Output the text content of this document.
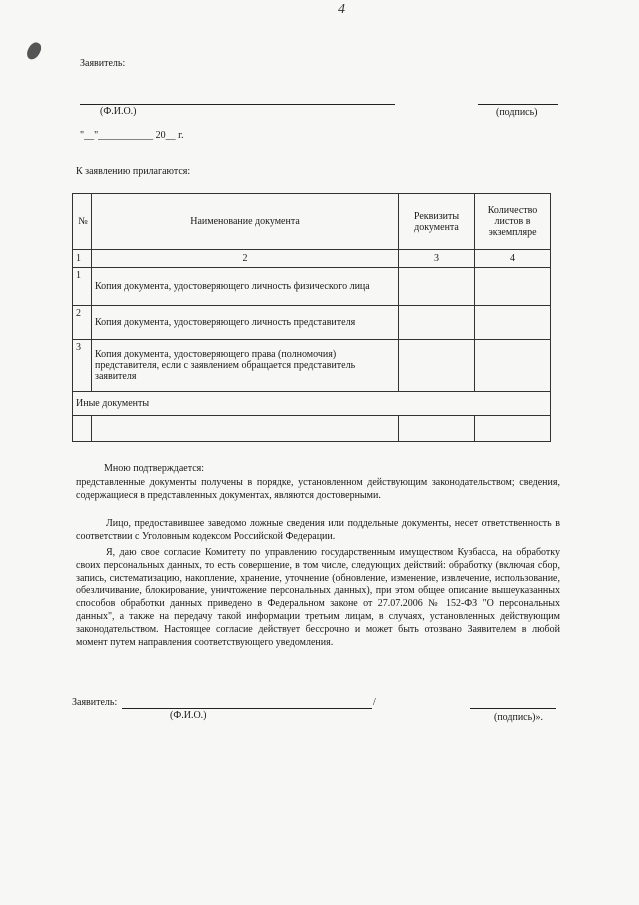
4
Заявитель:
(Ф.И.О.)	(подпись)
"__"___________ 20__ г.
К заявлению прилагаются:
№	Наименование документа	Реквизиты документа	Количество листов в экземпляре
1	2	3	4
1	Копия документа, удостоверяющего личность физического лица		
2	Копия документа, удостоверяющего личность представителя		
3	Копия документа, удостоверяющего права (полномочия) представителя, если с заявлением обращается представитель заявителя		
Иные документы			

Мною подтверждается:
представленные документы получены в порядке, установленном действующим законодательством; сведения, содержащиеся в представленных документах, являются достоверными.
Лицо, предоставившее заведомо ложные сведения или поддельные документы, несет ответственность в соответствии с Уголовным кодексом Российской Федерации.
Я, даю свое согласие Комитету по управлению государственным имуществом Кузбасса, на обработку своих персональных данных, то есть совершение, в том числе, следующих действий: обработку (включая сбор, запись, систематизацию, накопление, хранение, уточнение (обновление, изменение, извлечение, использование, обезличивание, блокирование, уничтожение персональных данных), при этом общее описание вышеуказанных способов обработки данных приведено в Федеральном законе от 27.07.2006 № 152-ФЗ "О персональных данных", а также на передачу такой информации третьим лицам, в случаях, установленных действующим законодательством. Настоящее согласие действует бессрочно и может быть отозвано Заявителем в любой момент путем направления соответствующего уведомления.
Заявитель:	/
(Ф.И.О.)	(подпись)».
